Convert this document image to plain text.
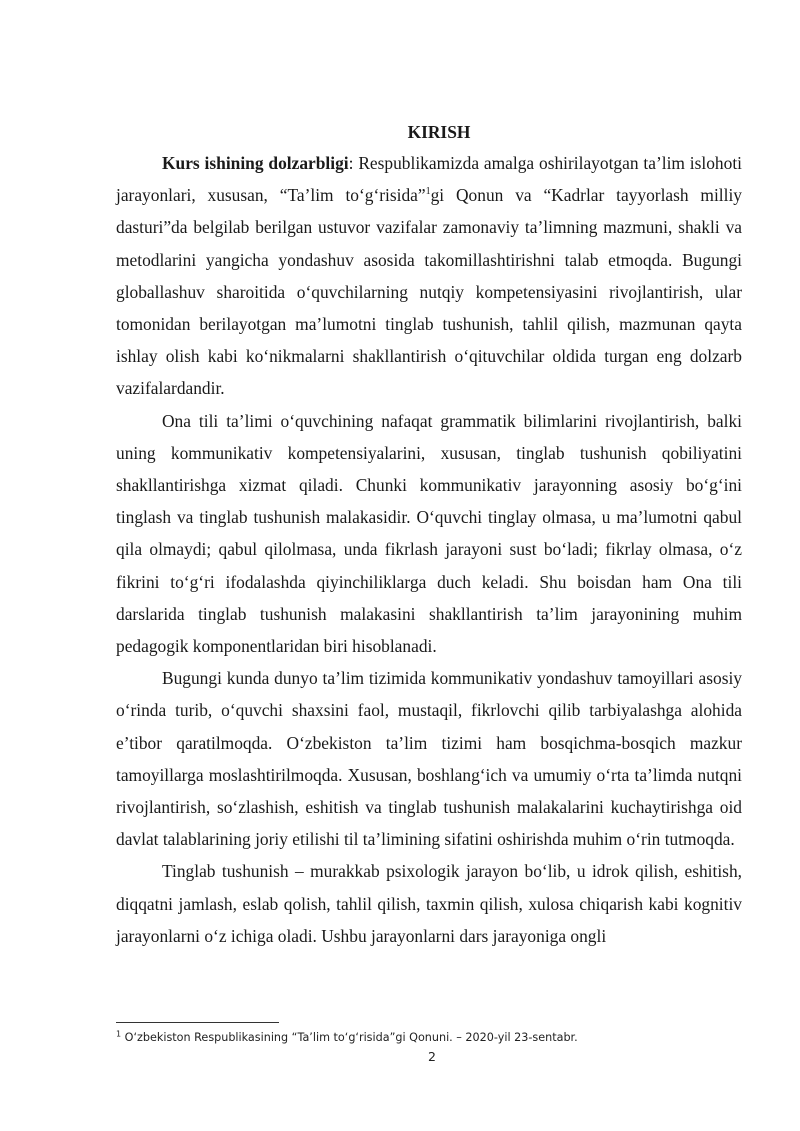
KIRISH

Kurs ishining dolzarbligi: Respublikamizda amalga oshirilayotgan ta’lim islohoti jarayonlari, xususan, “Ta’lim to‘g‘risida”$^1$gi Qonun va “Kadrlar tayyorlash milliy dasturi”da belgilab berilgan ustuvor vazifalar zamonaviy ta’limning mazmuni, shakli va metodlarini yangicha yondashuv asosida takomillashtirishni talab etmoqda. Bugungi globallashuv sharoitida o‘quvchilarning nutqiy kompetensiyasini rivojlantirish, ular tomonidan berilayotgan ma’lumotni tinglab tushunish, tahlil qilish, mazmunan qayta ishlay olish kabi ko‘nikmalarni shakllantirish o‘qituvchilar oldida turgan eng dolzarb vazifalardandir.

Ona tili ta’limi o‘quvchining nafaqat grammatik bilimlarini rivojlantirish, balki uning kommunikativ kompetensiyalarini, xususan, tinglab tushunish qobiliyatini shakllantirishga xizmat qiladi. Chunki kommunikativ jarayonning asosiy bo‘g‘ini tinglash va tinglab tushunish malakasidir. O‘quvchi tinglay olmasa, u ma’lumotni qabul qila olmaydi; qabul qilolmasa, unda fikrlash jarayoni sust bo‘ladi; fikrlay olmasa, o‘z fikrini to‘g‘ri ifodalashda qiyinchiliklarga duch keladi. Shu boisdan ham Ona tili darslarida tinglab tushunish malakasini shakllantirish ta’lim jarayonining muhim pedagogik komponentlaridan biri hisoblanadi.

Bugungi kunda dunyo ta’lim tizimida kommunikativ yondashuv tamoyillari asosiy o‘rinda turib, o‘quvchi shaxsini faol, mustaqil, fikrlovchi qilib tarbiyalashga alohida e’tibor qaratilmoqda. O‘zbekiston ta’lim tizimi ham bosqichma-bosqich mazkur tamoyillarga moslashtirilmoqda. Xususan, boshlang‘ich va umumiy o‘rta ta’limda nutqni rivojlantirish, so‘zlashish, eshitish va tinglab tushunish malakalarini kuchaytirishga oid davlat talablarining joriy etilishi til ta’limining sifatini oshirishda muhim o‘rin tutmoqda.

Tinglab tushunish – murakkab psixologik jarayon bo‘lib, u idrok qilish, eshitish, diqqatni jamlash, eslab qolish, tahlil qilish, taxmin qilish, xulosa chiqarish kabi kognitiv jarayonlarni o‘z ichiga oladi. Ushbu jarayonlarni dars jarayoniga ongli

$^1$ O‘zbekiston Respublikasining “Ta’lim to‘g‘risida”gi Qonuni. – 2020-yil 23-sentabr.
2
